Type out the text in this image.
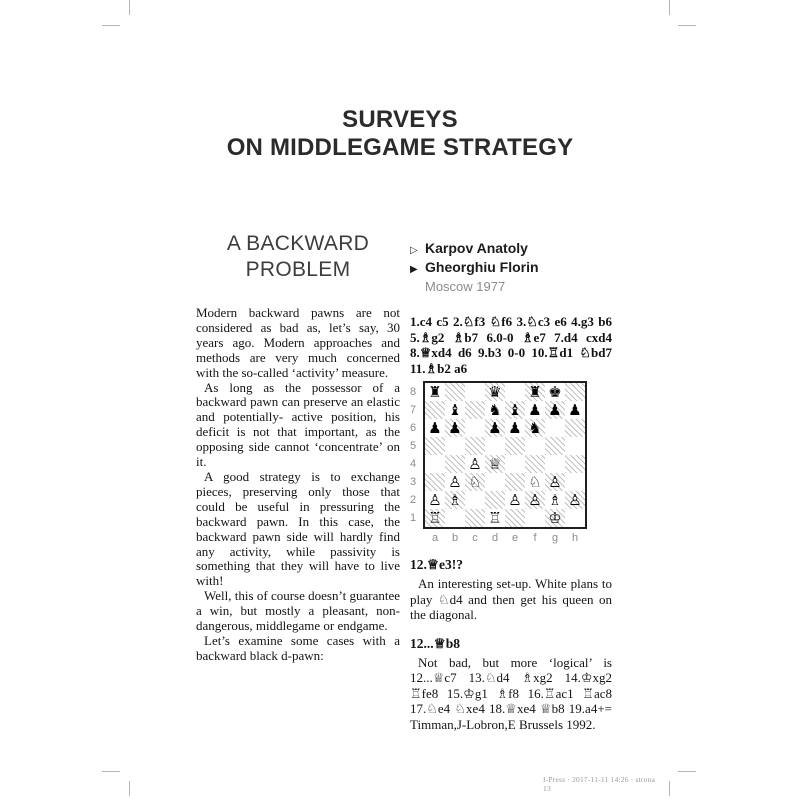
SURVEYS
ON MIDDLEGAME STRATEGY
A BACKWARD
PROBLEM

Modern backward pawns are not considered as bad as, let’s say, 30 years ago. Modern approaches and methods are very much concerned with the so-called ‘activity’ measure.

As long as the possessor of a backward pawn can preserve an elastic and potentially- active position, his deficit is not that important, as the opposing side cannot ‘concentrate’ on it.

A good strategy is to exchange pieces, preserving only those that could be useful in pressuring the backward pawn. In this case, the backward pawn side will hardly find any activity, while passivity is something that they will have to live with!

Well, this of course doesn’t guarantee a win, but mostly a pleasant, non-dangerous, middlegame or endgame.

Let’s examine some cases with a backward black d-pawn:

▷ Karpov Anatoly
▶ Gheorghiu Florin
Moscow 1977

1.c4 c5 2.♘f3 ♘f6 3.♘c3 e6 4.g3 b6 5.♗g2 ♗b7 6.0-0 ♗e7 7.d4 cxd4 8.♕xd4 d6 9.b3 0-0 10.♖d1 ♘bd7 11.♗b2 a6

8
7
6
5
4
3
2
1
♜	♛ ♜ ♚
♝ ♞ ♝ ♟ ♟ ♟
♟ ♟ ♟ ♟ ♞
♙ ♕
♙ ♘	♘ ♙
♙ ♗	♙ ♙ ♗ ♙
♖	♖	♔
a	b	c	d	e	f	g	h

12.♕e3!?

An interesting set-up. White plans to play ♘d4 and then get his queen on the diagonal.

12...♕b8

Not bad, but more ‘logical’ is 12...♕c7 13.♘d4 ♗xg2 14.♔xg2 ♖fe8 15.♔g1 ♗f8 16.♖ac1 ♖ac8 17.♘e4 ♘xe4 18.♕xe4 ♕b8 19.a4+= Timman,J-Lobron,E Brussels 1992.

I-Press · 2017-11-11 14:26 · strona 13
